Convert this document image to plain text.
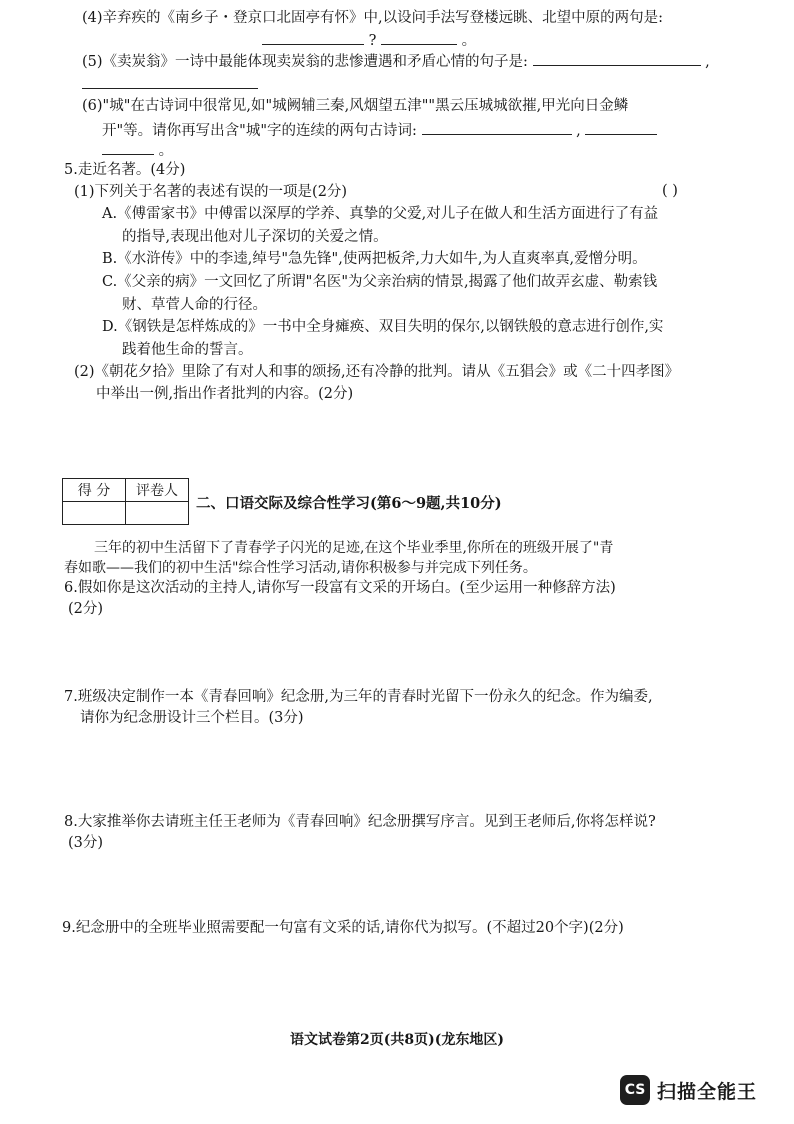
(4)辛弃疾的《南乡子・登京口北固亭有怀》中,以设问手法写登楼远眺、北望中原的两句是:
?	。
(5)《卖炭翁》一诗中最能体现卖炭翁的悲惨遭遇和矛盾心情的句子是:	,
(6)"城"在古诗词中很常见,如"城阙辅三秦,风烟望五津""黑云压城城欲摧,甲光向日金鳞
开"等。请你再写出含"城"字的连续的两句古诗词:	,
。
5.走近名著。(4分)
(1)下列关于名著的表述有误的一项是(2分)	( )
A.《傅雷家书》中傅雷以深厚的学养、真挚的父爱,对儿子在做人和生活方面进行了有益
的指导,表现出他对儿子深切的关爱之情。
B.《水浒传》中的李逵,绰号"急先锋",使两把板斧,力大如牛,为人直爽率真,爱憎分明。
C.《父亲的病》一文回忆了所谓"名医"为父亲治病的情景,揭露了他们故弄玄虚、勒索钱
财、草菅人命的行径。
D.《钢铁是怎样炼成的》一书中全身瘫痪、双目失明的保尔,以钢铁般的意志进行创作,实
践着他生命的誓言。
(2)《朝花夕拾》里除了有对人和事的颂扬,还有冷静的批判。请从《五猖会》或《二十四孝图》
中举出一例,指出作者批判的内容。(2分)
得 分	评卷人

二、口语交际及综合性学习(第6～9题,共10分)
三年的初中生活留下了青春学子闪光的足迹,在这个毕业季里,你所在的班级开展了"青
春如歌——我们的初中生活"综合性学习活动,请你积极参与并完成下列任务。
6.假如你是这次活动的主持人,请你写一段富有文采的开场白。(至少运用一种修辞方法)
(2分)
7.班级决定制作一本《青春回响》纪念册,为三年的青春时光留下一份永久的纪念。作为编委,
请你为纪念册设计三个栏目。(3分)
8.大家推举你去请班主任王老师为《青春回响》纪念册撰写序言。见到王老师后,你将怎样说?
(3分)
9.纪念册中的全班毕业照需要配一句富有文采的话,请你代为拟写。(不超过20个字)(2分)
语文试卷第2页(共8页)(龙东地区)
CS 扫描全能王
